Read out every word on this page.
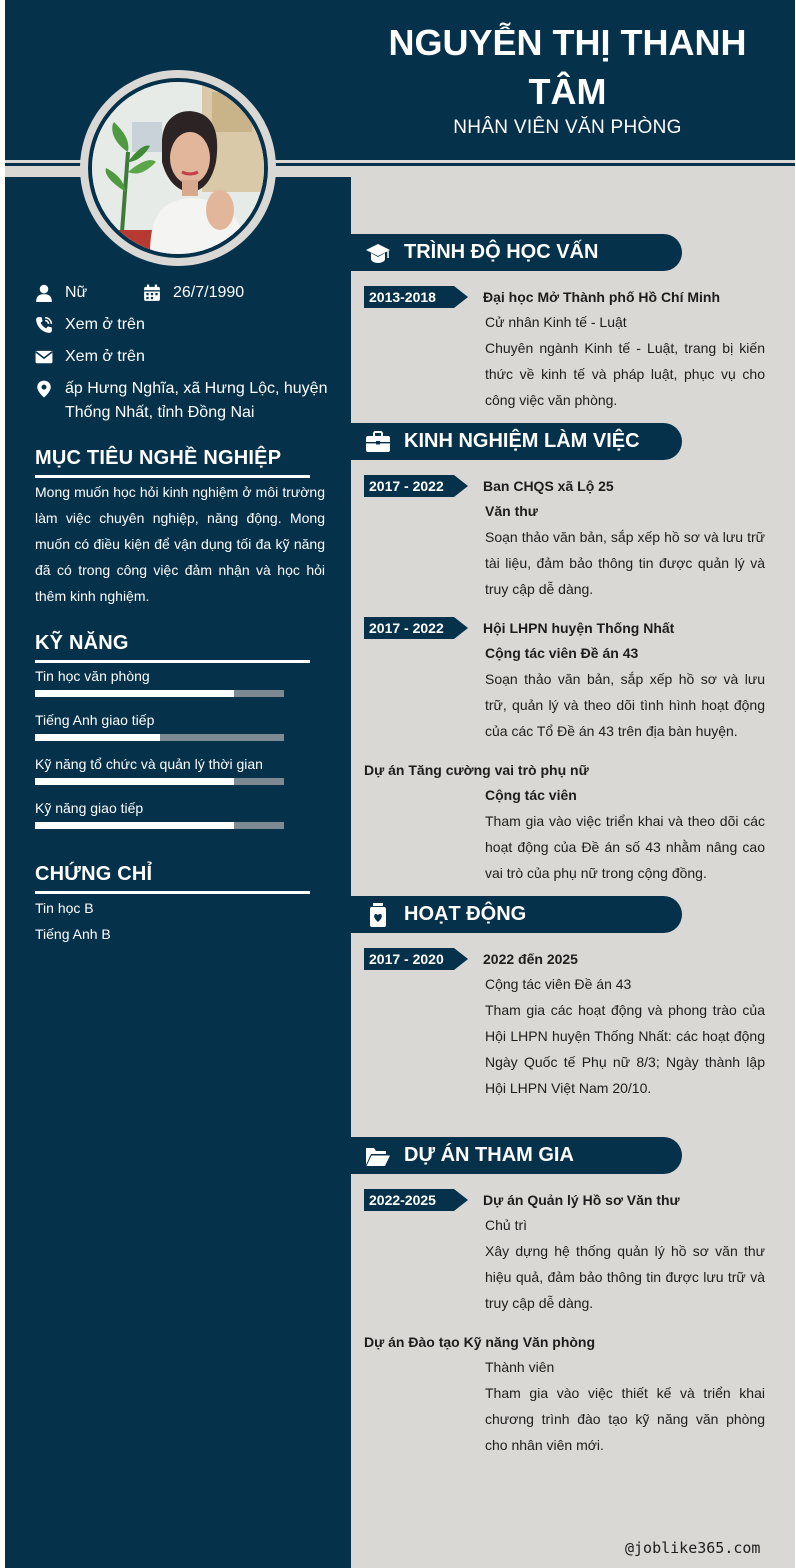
NGUYỄN THỊ THANH TÂM
NHÂN VIÊN VĂN PHÒNG
Nữ	26/7/1990
Xem ở trên
Xem ở trên
ấp Hưng Nghĩa, xã Hưng Lộc, huyện
Thống Nhất, tỉnh Đồng Nai
MỤC TIÊU NGHỀ NGHIỆP
Mong muốn học hỏi kinh nghiệm ở môi trường làm việc chuyên nghiệp, năng động. Mong muốn có điều kiện để vận dụng tối đa kỹ năng đã có trong công việc đảm nhận và học hỏi thêm kinh nghiệm.
KỸ NĂNG
Tin học văn phòng
Tiếng Anh giao tiếp
Kỹ năng tổ chức và quản lý thời gian
Kỹ năng giao tiếp
CHỨNG CHỈ
Tin học B
Tiếng Anh B
TRÌNH ĐỘ HỌC VẤN
2013-2018	Đại học Mở Thành phố Hồ Chí Minh
Cử nhân Kinh tế - Luật
Chuyên ngành Kinh tế - Luật, trang bị kiến thức về kinh tế và pháp luật, phục vụ cho công việc văn phòng.
KINH NGHIỆM LÀM VIỆC
2017 - 2022	Ban CHQS xã Lộ 25
Văn thư
Soạn thảo văn bản, sắp xếp hồ sơ và lưu trữ tài liệu, đảm bảo thông tin được quản lý và truy cập dễ dàng.
2017 - 2022	Hội LHPN huyện Thống Nhất
Cộng tác viên Đề án 43
Soạn thảo văn bản, sắp xếp hồ sơ và lưu trữ, quản lý và theo dõi tình hình hoạt động của các Tổ Đề án 43 trên địa bàn huyện.
Dự án Tăng cường vai trò phụ nữ
Cộng tác viên
Tham gia vào việc triển khai và theo dõi các hoạt động của Đề án số 43 nhằm nâng cao vai trò của phụ nữ trong cộng đồng.
HOẠT ĐỘNG
2017 - 2020	2022 đến 2025
Cộng tác viên Đề án 43
Tham gia các hoạt động và phong trào của Hội LHPN huyện Thống Nhất: các hoạt động Ngày Quốc tế Phụ nữ 8/3; Ngày thành lập Hội LHPN Việt Nam 20/10.
DỰ ÁN THAM GIA
2022-2025	Dự án Quản lý Hồ sơ Văn thư
Chủ trì
Xây dựng hệ thống quản lý hồ sơ văn thư hiệu quả, đảm bảo thông tin được lưu trữ và truy cập dễ dàng.
Dự án Đào tạo Kỹ năng Văn phòng
Thành viên
Tham gia vào việc thiết kế và triển khai chương trình đào tạo kỹ năng văn phòng cho nhân viên mới.
@joblike365.com
